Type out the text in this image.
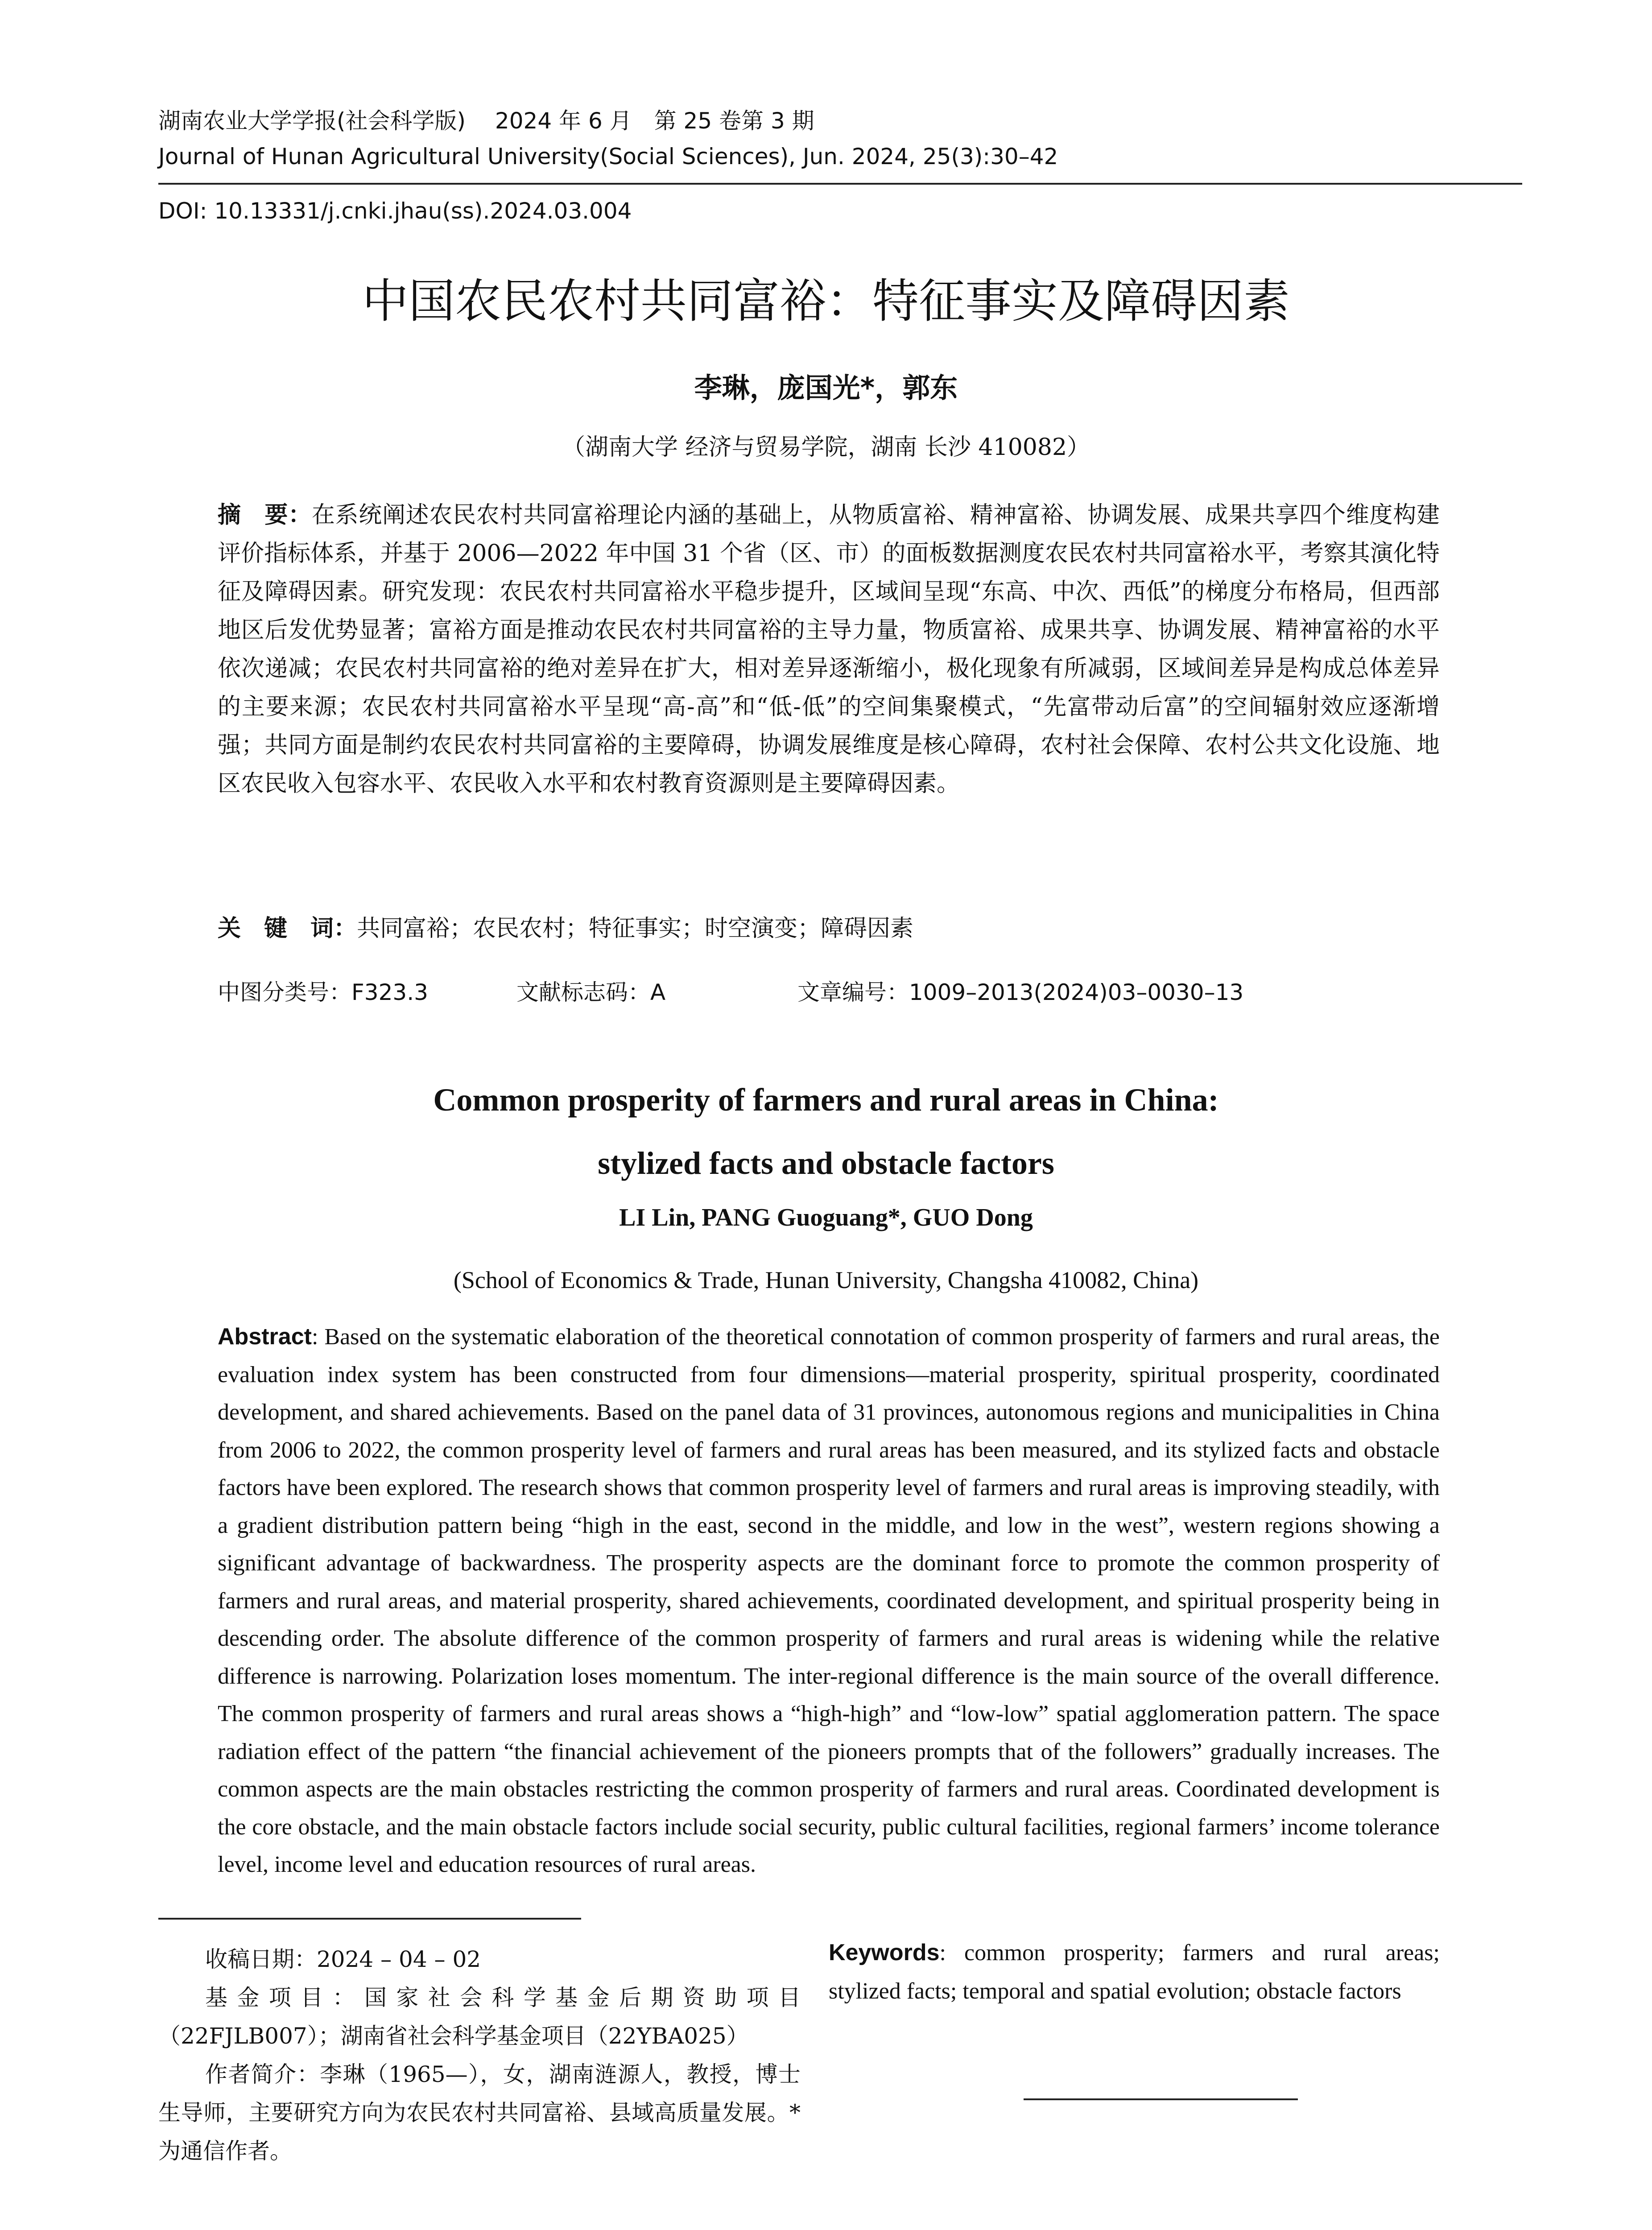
湖南农业大学学报(社会科学版)　 2024 年 6 月　第 25 卷第 3 期
Journal of Hunan Agricultural University(Social Sciences), Jun. 2024, 25(3):30–42
DOI: 10.13331/j.cnki.jhau(ss).2024.03.004
中国农民农村共同富裕：特征事实及障碍因素
李琳，庞国光*，郭东
（湖南大学 经济与贸易学院，湖南 长沙 410082）
摘　要：在系统阐述农民农村共同富裕理论内涵的基础上，从物质富裕、精神富裕、协调发展、成果共享四个维度构建评价指标体系，并基于 2006—2022 年中国 31 个省（区、市）的面板数据测度农民农村共同富裕水平，考察其演化特征及障碍因素。研究发现：农民农村共同富裕水平稳步提升，区域间呈现“东高、中次、西低”的梯度分布格局，但西部地区后发优势显著；富裕方面是推动农民农村共同富裕的主导力量，物质富裕、成果共享、协调发展、精神富裕的水平依次递减；农民农村共同富裕的绝对差异在扩大，相对差异逐渐缩小，极化现象有所减弱，区域间差异是构成总体差异的主要来源；农民农村共同富裕水平呈现“高-高”和“低-低”的空间集聚模式，“先富带动后富”的空间辐射效应逐渐增强；共同方面是制约农民农村共同富裕的主要障碍，协调发展维度是核心障碍，农村社会保障、农村公共文化设施、地区农民收入包容水平、农民收入水平和农村教育资源则是主要障碍因素。
关　键　词：共同富裕；农民农村；特征事实；时空演变；障碍因素
中图分类号：F323.3	文献标志码：A	文章编号：1009–2013(2024)03–0030–13
Common prosperity of farmers and rural areas in China:
stylized facts and obstacle factors
LI Lin, PANG Guoguang*, GUO Dong
(School of Economics & Trade, Hunan University, Changsha 410082, China)
Abstract: Based on the systematic elaboration of the theoretical connotation of common prosperity of farmers and rural areas, the evaluation index system has been constructed from four dimensions—material prosperity, spiritual prosperity, coordinated development, and shared achievements. Based on the panel data of 31 provinces, autonomous regions and municipalities in China from 2006 to 2022, the common prosperity level of farmers and rural areas has been measured, and its stylized facts and obstacle factors have been explored. The research shows that common prosperity level of farmers and rural areas is improving steadily, with a gradient distribution pattern being “high in the east, second in the middle, and low in the west”, western regions showing a significant advantage of backwardness. The prosperity aspects are the dominant force to promote the common prosperity of farmers and rural areas, and material prosperity, shared achievements, coordinated development, and spiritual prosperity being in descending order. The absolute difference of the common prosperity of farmers and rural areas is widening while the relative difference is narrowing. Polarization loses momentum. The inter-regional difference is the main source of the overall difference. The common prosperity of farmers and rural areas shows a “high-high” and “low-low” spatial agglomeration pattern. The space radiation effect of the pattern “the financial achievement of the pioneers prompts that of the followers” gradually increases. The common aspects are the main obstacles restricting the common prosperity of farmers and rural areas. Coordinated development is the core obstacle, and the main obstacle factors include social security, public cultural facilities, regional farmers’ income tolerance level, income level and education resources of rural areas.

收稿日期：2024 – 04 – 02

基金项目：国家社会科学基金后期资助项目（22FJLB007）；湖南省社会科学基金项目（22YBA025）

作者简介：李琳（1965—），女，湖南涟源人，教授，博士生导师，主要研究方向为农民农村共同富裕、县域高质量发展。*为通信作者。

Keywords: common prosperity; farmers and rural areas; stylized facts; temporal and spatial evolution; obstacle factors
